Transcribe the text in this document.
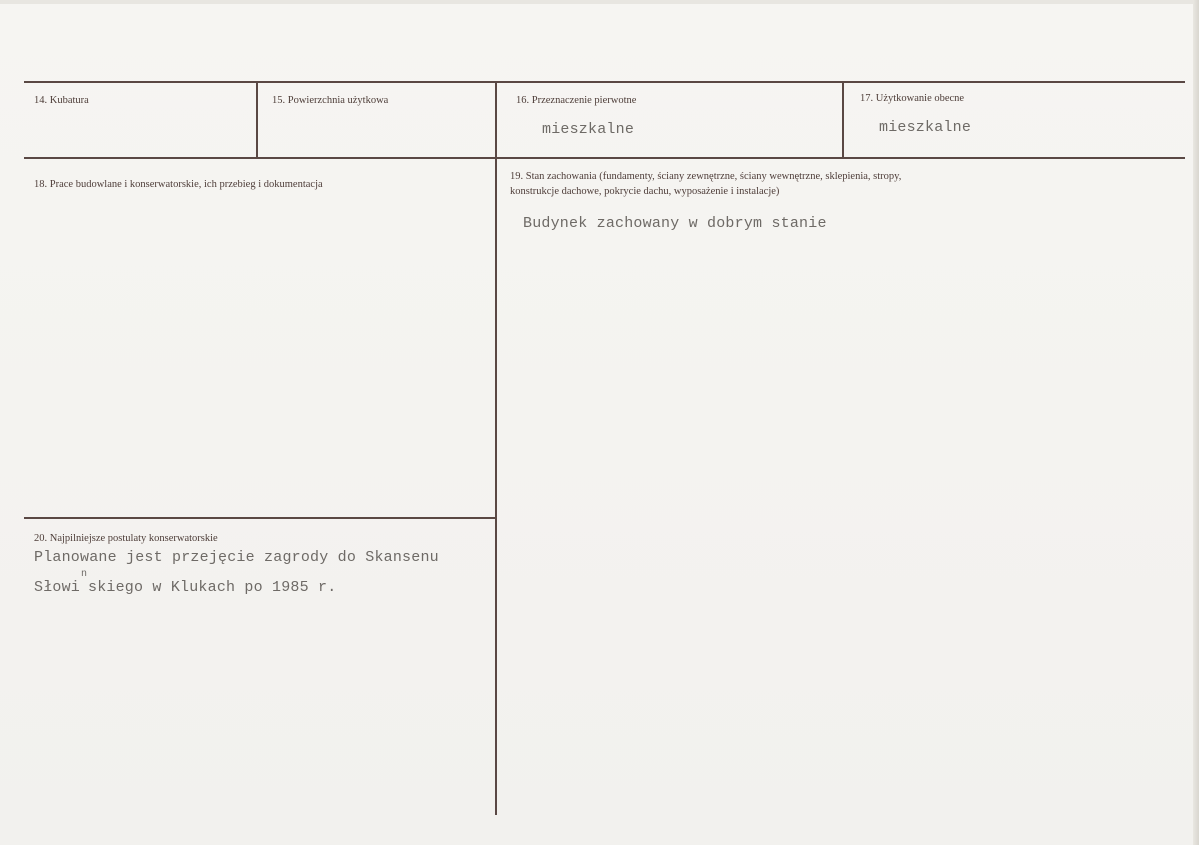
14. Kubatura	15. Powierzchnia użytkowa	16. Przeznaczenie pierwotne
mieszkalne
17. Użytkowanie obecne
mieszkalne
18. Prace budowlane i konserwatorskie, ich przebieg i dokumentacja
19. Stan zachowania (fundamenty, ściany zewnętrzne, ściany wewnętrzne, sklepienia, stropy,
konstrukcje dachowe, pokrycie dachu, wyposażenie i instalacje)
Budynek zachowany w dobrym stanie
20. Najpilniejsze postulaty konserwatorskie
Planowane jest przejęcie zagrody do Skansenu
Słowi
n
skiego w Klukach po 1985 r.
